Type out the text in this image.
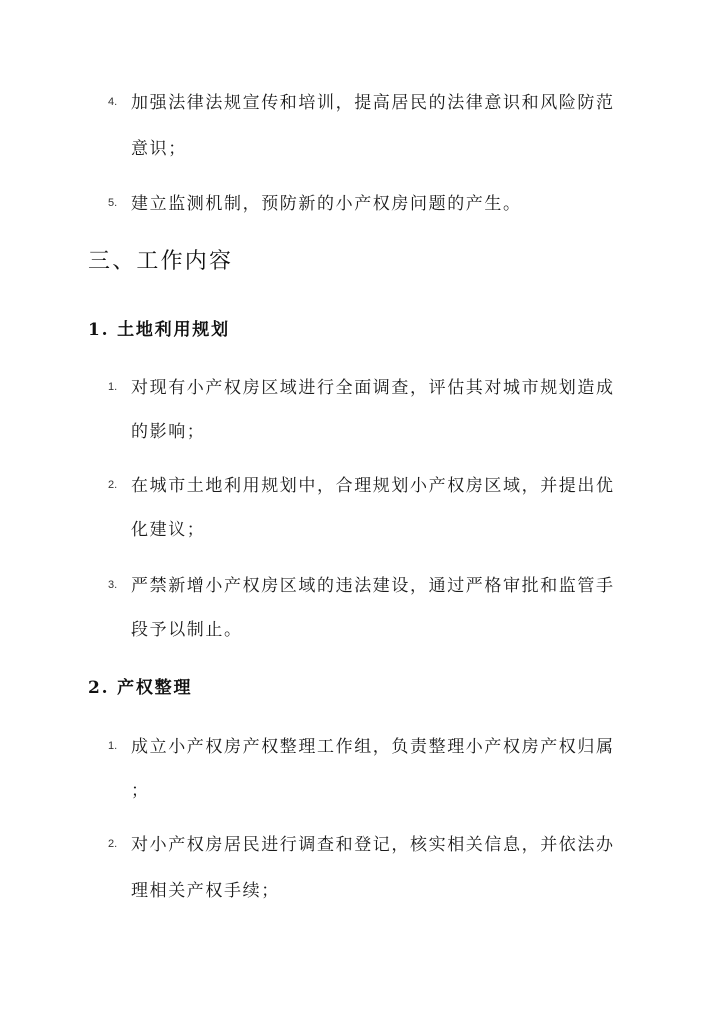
4. 加强法律法规宣传和培训，提高居民的法律意识和风险防范
意识；
5. 建立监测机制，预防新的小产权房问题的产生。
三、工作内容
1. 土地利用规划
1. 对现有小产权房区域进行全面调查，评估其对城市规划造成
的影响；
2. 在城市土地利用规划中，合理规划小产权房区域，并提出优
化建议；
3. 严禁新增小产权房区域的违法建设，通过严格审批和监管手
段予以制止。
2. 产权整理
1. 成立小产权房产权整理工作组，负责整理小产权房产权归属
；
2. 对小产权房居民进行调查和登记，核实相关信息，并依法办
理相关产权手续；
